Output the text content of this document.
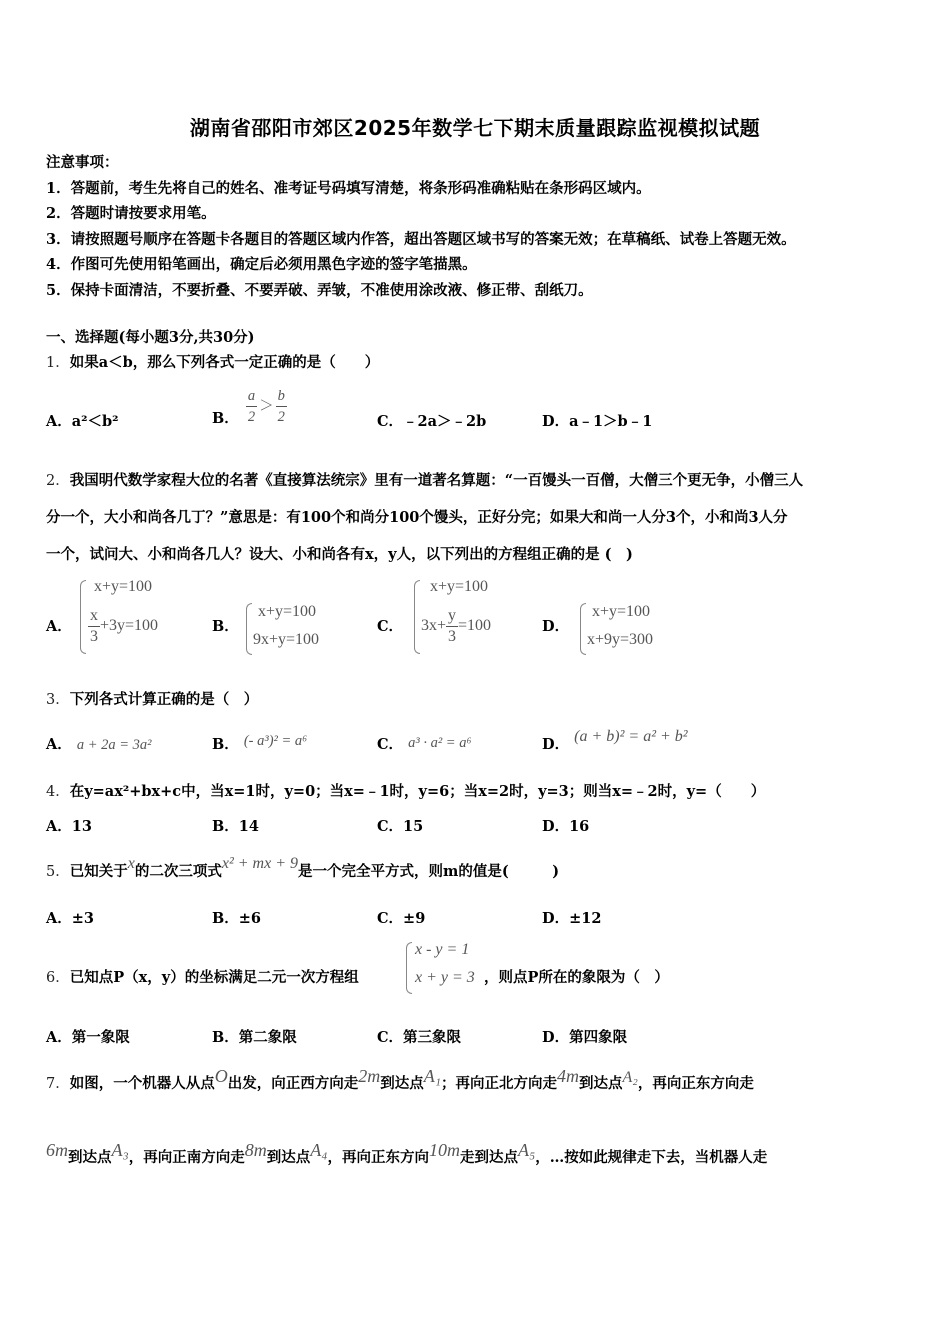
湖南省邵阳市郊区2025年数学七下期末质量跟踪监视模拟试题
注意事项：
1．答题前，考生先将自己的姓名、准考证号码填写清楚，将条形码准确粘贴在条形码区域内。
2．答题时请按要求用笔。
3．请按照题号顺序在答题卡各题目的答题区域内作答，超出答题区域书写的答案无效；在草稿纸、试卷上答题无效。
4．作图可先使用铅笔画出，确定后必须用黑色字迹的签字笔描黑。
5．保持卡面清洁，不要折叠、不要弄破、弄皱，不准使用涂改液、修正带、刮纸刀。
一、选择题(每小题3分,共30分)
1．如果a＜b，那么下列各式一定正确的是（　　）
A．a²＜b²	B． $\frac{a}{2} > \frac{b}{2}$	C．﹣2a＞﹣2b	D．a﹣1＞b﹣1
2．我国明代数学家程大位的名著《直接算法统宗》里有一道著名算题：“一百馒头一百僧，大僧三个更无争，小僧三人
分一个，大小和尚各几丁？”意思是：有100个和尚分100个馒头，正好分完；如果大和尚一人分3个，小和尚3人分
一个，试问大、小和尚各几人？设大、小和尚各有x，y人，以下列出的方程组正确的是 (　)
A．
x+y=100
$\frac{x}{3} +3y=100$	B．
x+y=100
9x+y=100
C．
x+y=100
$3x+ \frac{y}{3} =100$	D．
x+y=100
x+9y=300
3．下列各式计算正确的是（　）
A． a + 2a = 3a²	B． (- a³)² = a⁶	C． a³ · a² = a⁶	D． (a + b)² = a² + b²
4．在y=ax²+bx+c中，当x=1时，y=0；当x=﹣1时，y=6；当x=2时，y=3；则当x=﹣2时，y=（　　）
A．13	B．14	C．15	D．16
5．已知关于x的二次三项式x² + mx + 9是一个完全平方式，则m的值是(　　　)
A．±3	B．±6	C．±9	D．±12
6．已知点P（x，y）的坐标满足二元一次方程组
x - y = 1
x + y = 3 ，则点P所在的象限为（　）
A．第一象限	B．第二象限	C．第三象限	D．第四象限
7．如图，一个机器人从点O出发，向正西方向走2m到达点A₁；再向正北方向走4m到达点A₂，再向正东方向走
6m到达点A₃，再向正南方向走8m到达点A₄，再向正东方向10m走到达点A₅，…按如此规律走下去，当机器人走
